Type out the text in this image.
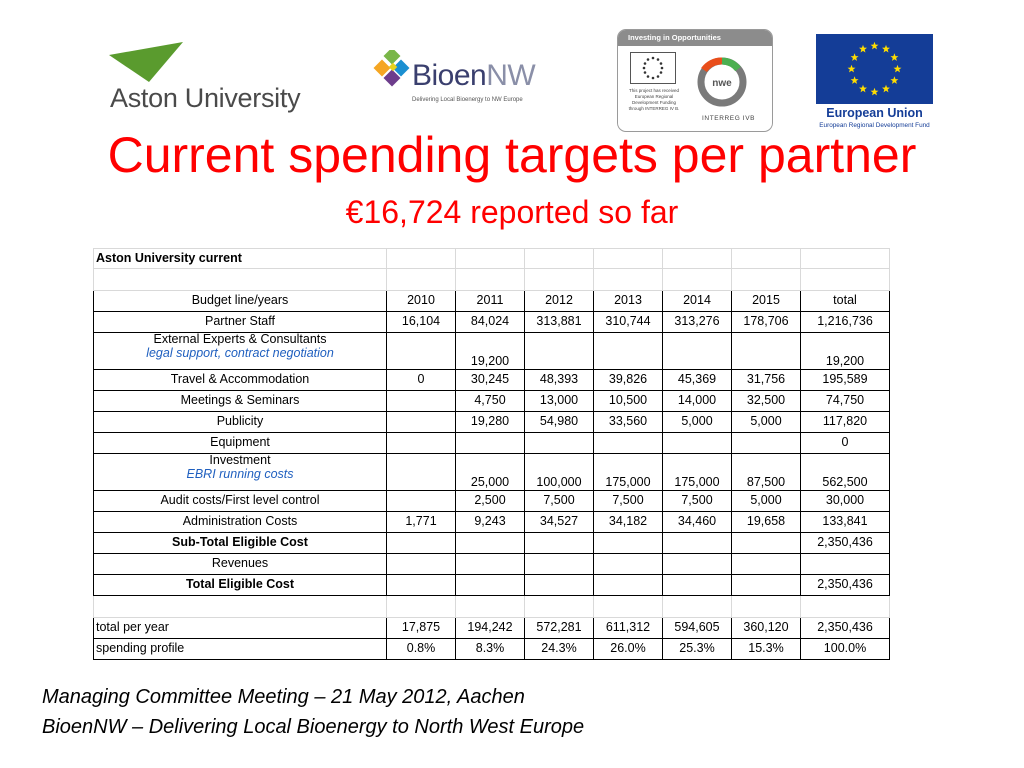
Aston University
BioenNW
Delivering Local Bioenergy to NW Europe
Investing in Opportunities
This project has received European Regional Development Funding through INTERREG IV B.
nwe
INTERREG IVB	European Union
European Regional Development Fund
Current spending targets per partner
€16,724 reported so far
Aston University current							

Budget line/years	2010	2011	2012	2013	2014	2015	total
Partner Staff	16,104	84,024	313,881	310,744	313,276	178,706	1,216,736

External Experts & Consultants
legal support, contract negotiation		19,200					19,200
Travel & Accommodation	0	30,245	48,393	39,826	45,369	31,756	195,589
Meetings & Seminars		4,750	13,000	10,500	14,000	32,500	74,750
Publicity		19,280	54,980	33,560	5,000	5,000	117,820
Equipment							0

Investment
EBRI running costs		25,000	100,000	175,000	175,000	87,500	562,500
Audit costs/First level control		2,500	7,500	7,500	7,500	5,000	30,000
Administration Costs	1,771	9,243	34,527	34,182	34,460	19,658	133,841
Sub-Total Eligible Cost							2,350,436
Revenues							
Total Eligible Cost							2,350,436

total per year	17,875	194,242	572,281	611,312	594,605	360,120	2,350,436
spending profile	0.8%	8.3%	24.3%	26.0%	25.3%	15.3%	100.0%
Managing Committee Meeting – 21 May 2012, Aachen
BioenNW – Delivering Local Bioenergy to North West Europe
